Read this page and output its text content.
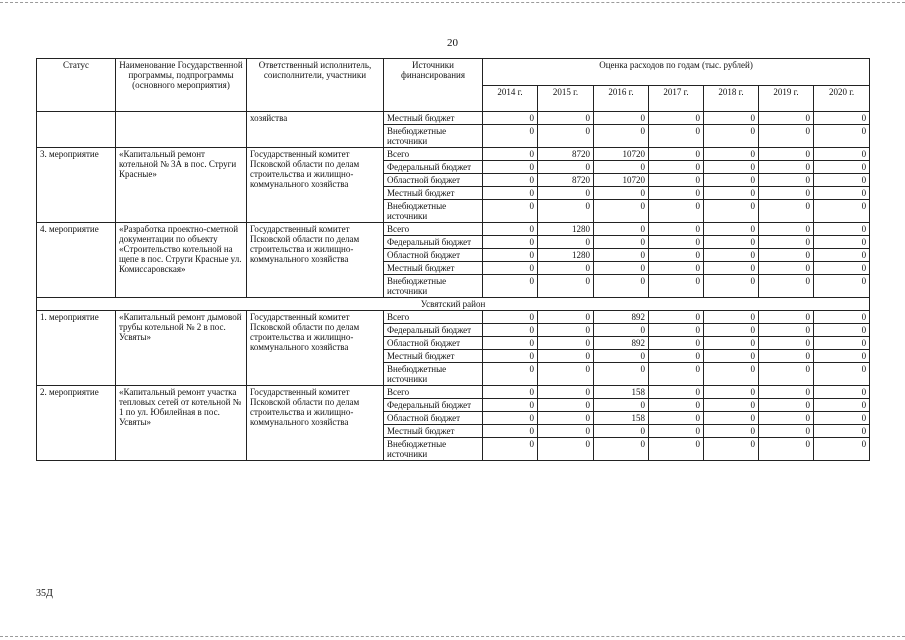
20
Статус	Наименование Государственной программы, подпрограммы (основного мероприятия)	Ответственный исполнитель, соисполнители, участники	Источники финансирования	Оценка расходов по годам (тыс. рублей)						
				2014 г.	2015 г.	2016 г.	2017 г.	2018 г.	2019 г.	2020 г.
		хозяйства	Местный бюджет	0	0	0	0	0	0	0
			Внебюджетные источники	0	0	0	0	0	0	0
3. мероприятие	«Капитальный ремонт котельной № 3А в пос. Струги Красные»	Государственный комитет Псковской области по делам строительства и жилищно-коммунального хозяйства	Всего	0	8720	10720	0	0	0	0
			Федеральный бюджет	0	0	0	0	0	0	0
			Областной бюджет	0	8720	10720	0	0	0	0
			Местный бюджет	0	0	0	0	0	0	0
			Внебюджетные источники	0	0	0	0	0	0	0
4. мероприятие	«Разработка проектно-сметной документации по объекту «Строительство котельной на щепе в пос. Струги Красные ул. Комиссаровская»	Государственный комитет Псковской области по делам строительства и жилищно-коммунального хозяйства	Всего	0	1280	0	0	0	0	0
			Федеральный бюджет	0	0	0	0	0	0	0
			Областной бюджет	0	1280	0	0	0	0	0
			Местный бюджет	0	0	0	0	0	0	0
			Внебюджетные источники	0	0	0	0	0	0	0
Усвятский район										
1. мероприятие	«Капитальный ремонт дымовой трубы котельной № 2 в пос. Усвяты»	Государственный комитет Псковской области по делам строительства и жилищно-коммунального хозяйства	Всего	0	0	892	0	0	0	0
			Федеральный бюджет	0	0	0	0	0	0	0
			Областной бюджет	0	0	892	0	0	0	0
			Местный бюджет	0	0	0	0	0	0	0
			Внебюджетные источники	0	0	0	0	0	0	0
2. мероприятие	«Капитальный ремонт участка тепловых сетей от котельной № 1 по ул. Юбилейная в пос. Усвяты»	Государственный комитет Псковской области по делам строительства и жилищно-коммунального хозяйства	Всего	0	0	158	0	0	0	0
			Федеральный бюджет	0	0	0	0	0	0	0
			Областной бюджет	0	0	158	0	0	0	0
			Местный бюджет	0	0	0	0	0	0	0
			Внебюджетные источники	0	0	0	0	0	0	0
35Д
